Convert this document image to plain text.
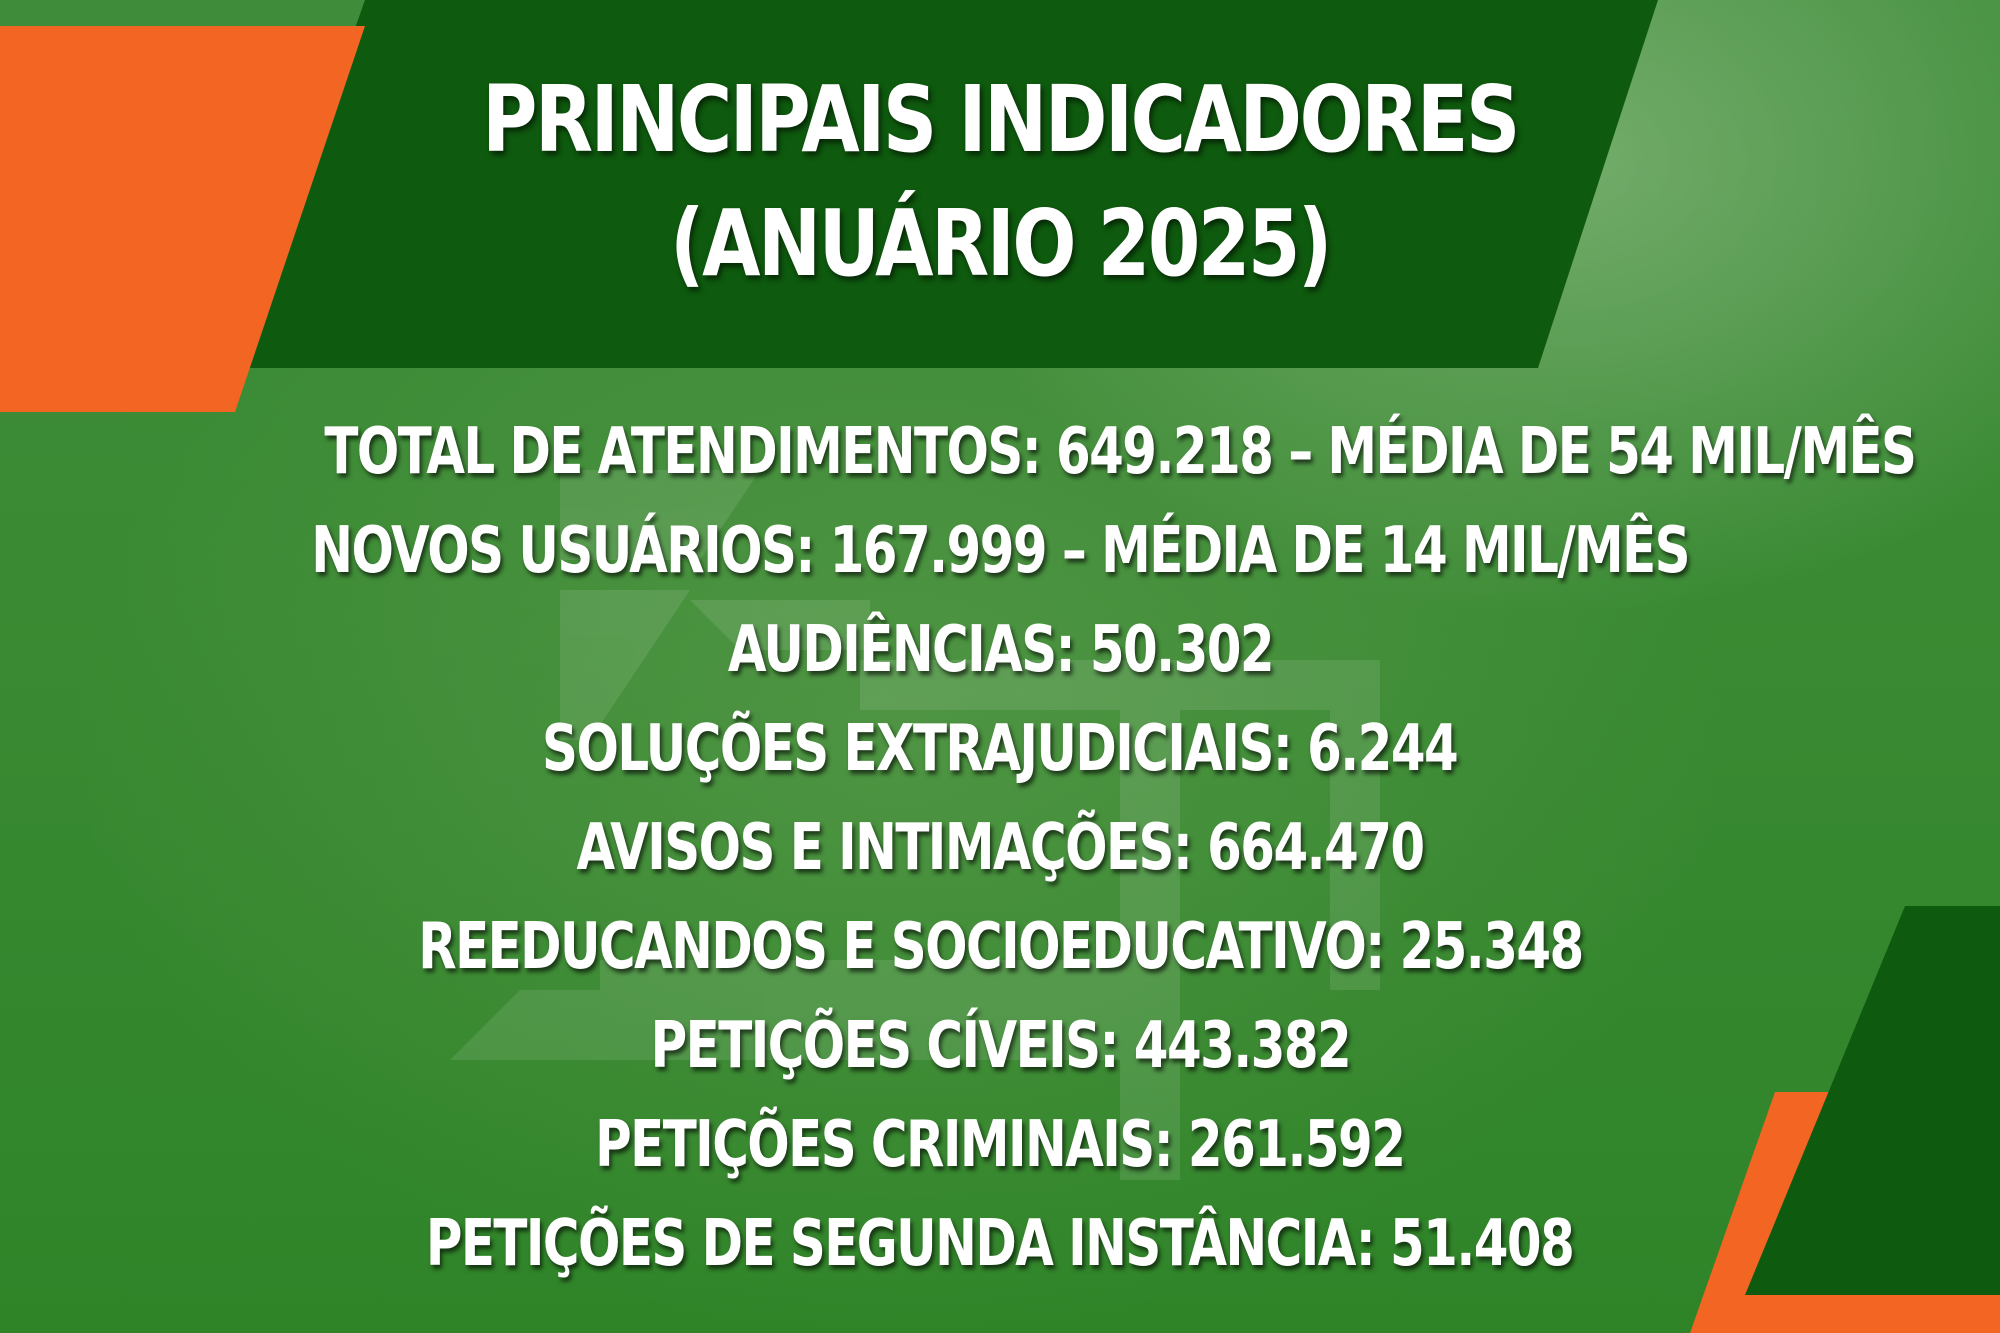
PRINCIPAIS INDICADORES
(ANUÁRIO 2025)
TOTAL DE ATENDIMENTOS: 649.218 – MÉDIA DE 54 MIL/MÊS
NOVOS USUÁRIOS: 167.999 – MÉDIA DE 14 MIL/MÊS
AUDIÊNCIAS: 50.302
SOLUÇÕES EXTRAJUDICIAIS: 6.244
AVISOS E INTIMAÇÕES: 664.470
REEDUCANDOS E SOCIOEDUCATIVO: 25.348
PETIÇÕES CÍVEIS: 443.382
PETIÇÕES CRIMINAIS: 261.592
PETIÇÕES DE SEGUNDA INSTÂNCIA: 51.408
